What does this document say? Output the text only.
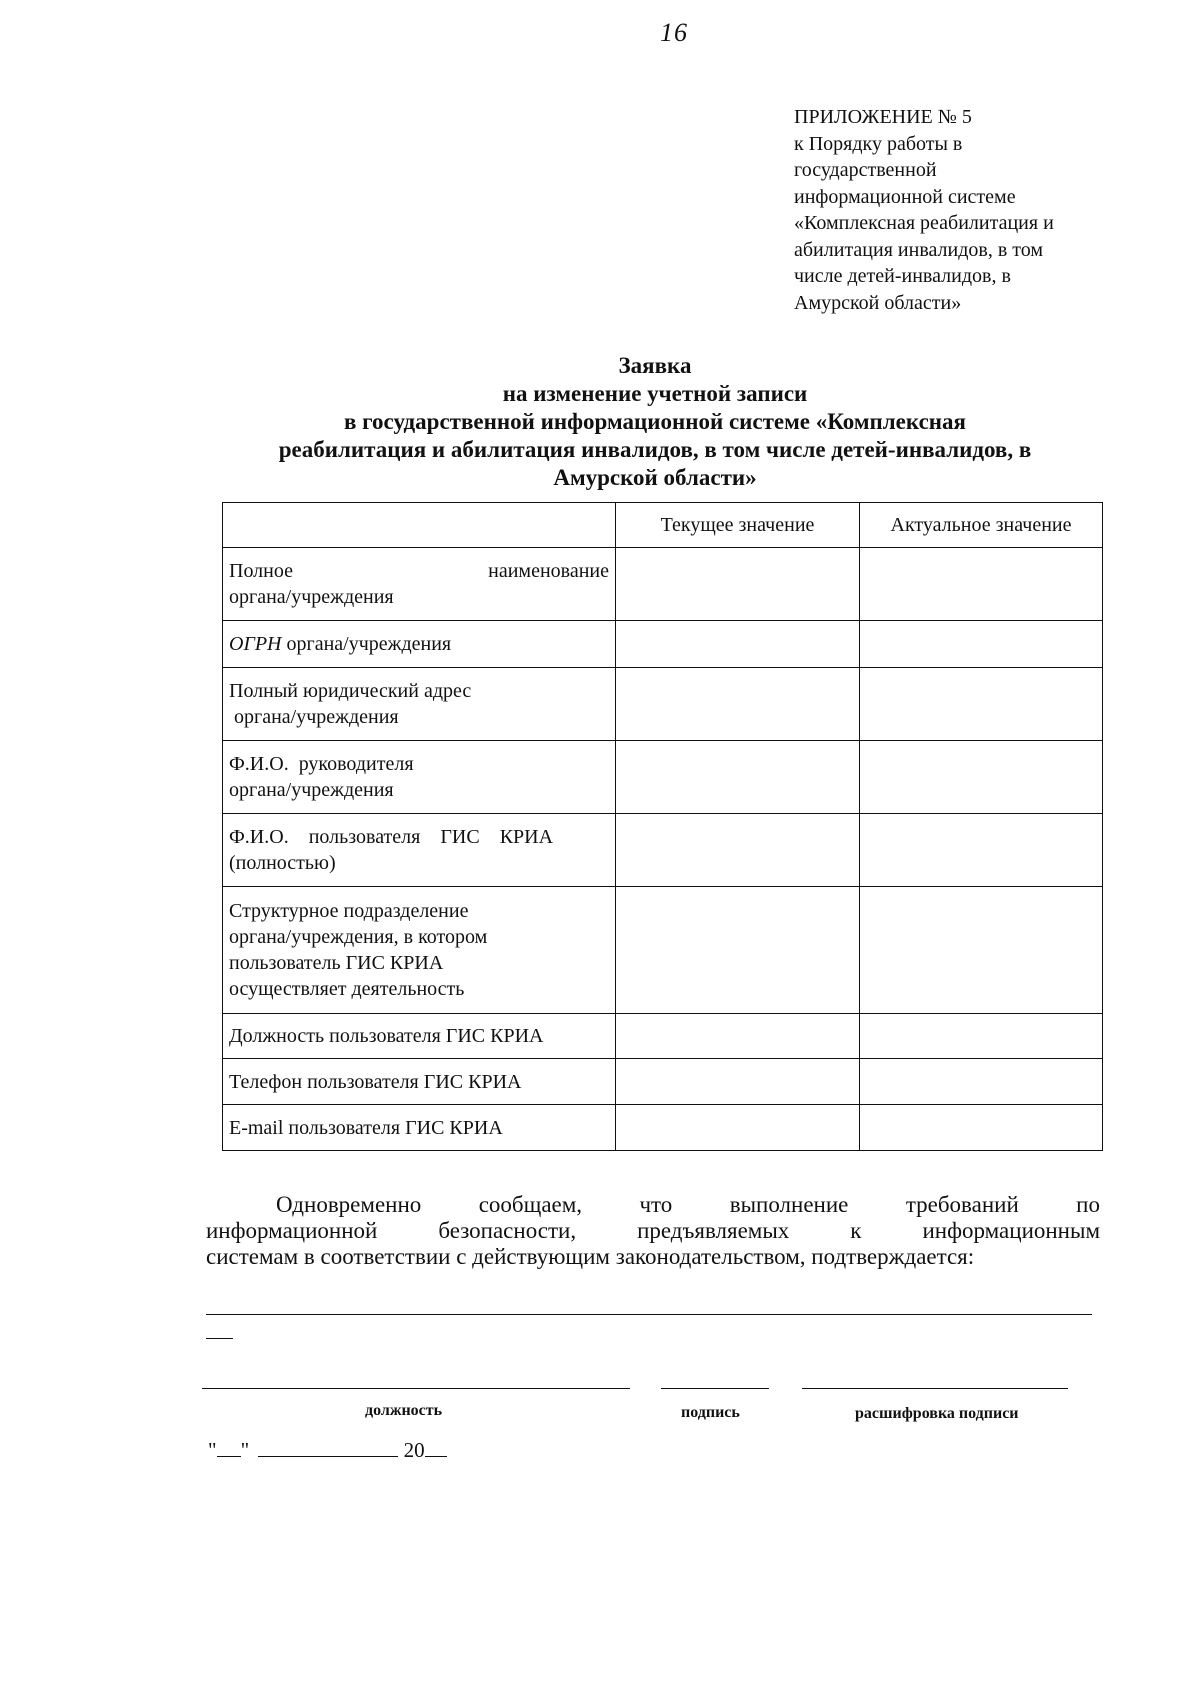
16
ПРИЛОЖЕНИЕ № 5
к Порядку работы в
государственной
информационной системе
«Комплексная реабилитация и
абилитация инвалидов, в том
числе детей-инвалидов, в
Амурской области»
Заявка
на изменение учетной записи
в государственной информационной системе «Комплексная
реабилитация и абилитация инвалидов, в том числе детей-инвалидов, в
Амурской области»
	Текущее значение	Актуальное значение

Полное наименование
органа/учреждения		
ОГРН органа/учреждения		

Полный юридический адрес
органа/учреждения		

Ф.И.О.  руководителя
органа/учреждения		

Ф.И.О.    пользователя    ГИС    КРИА
(полностью)		

Структурное подразделение
органа/учреждения, в котором
пользователь ГИС КРИА
осуществляет деятельность		

Должность пользователя ГИС КРИА		
Телефон пользователя ГИС КРИА		
E-mail пользователя ГИС КРИА		
Одновременно сообщаем, что выполнение требований по
информационной безопасности, предъявляемых к информационным
системам в соответствии с действующим законодательством, подтверждается:
должность	подпись	расшифровка подписи
" "	20
